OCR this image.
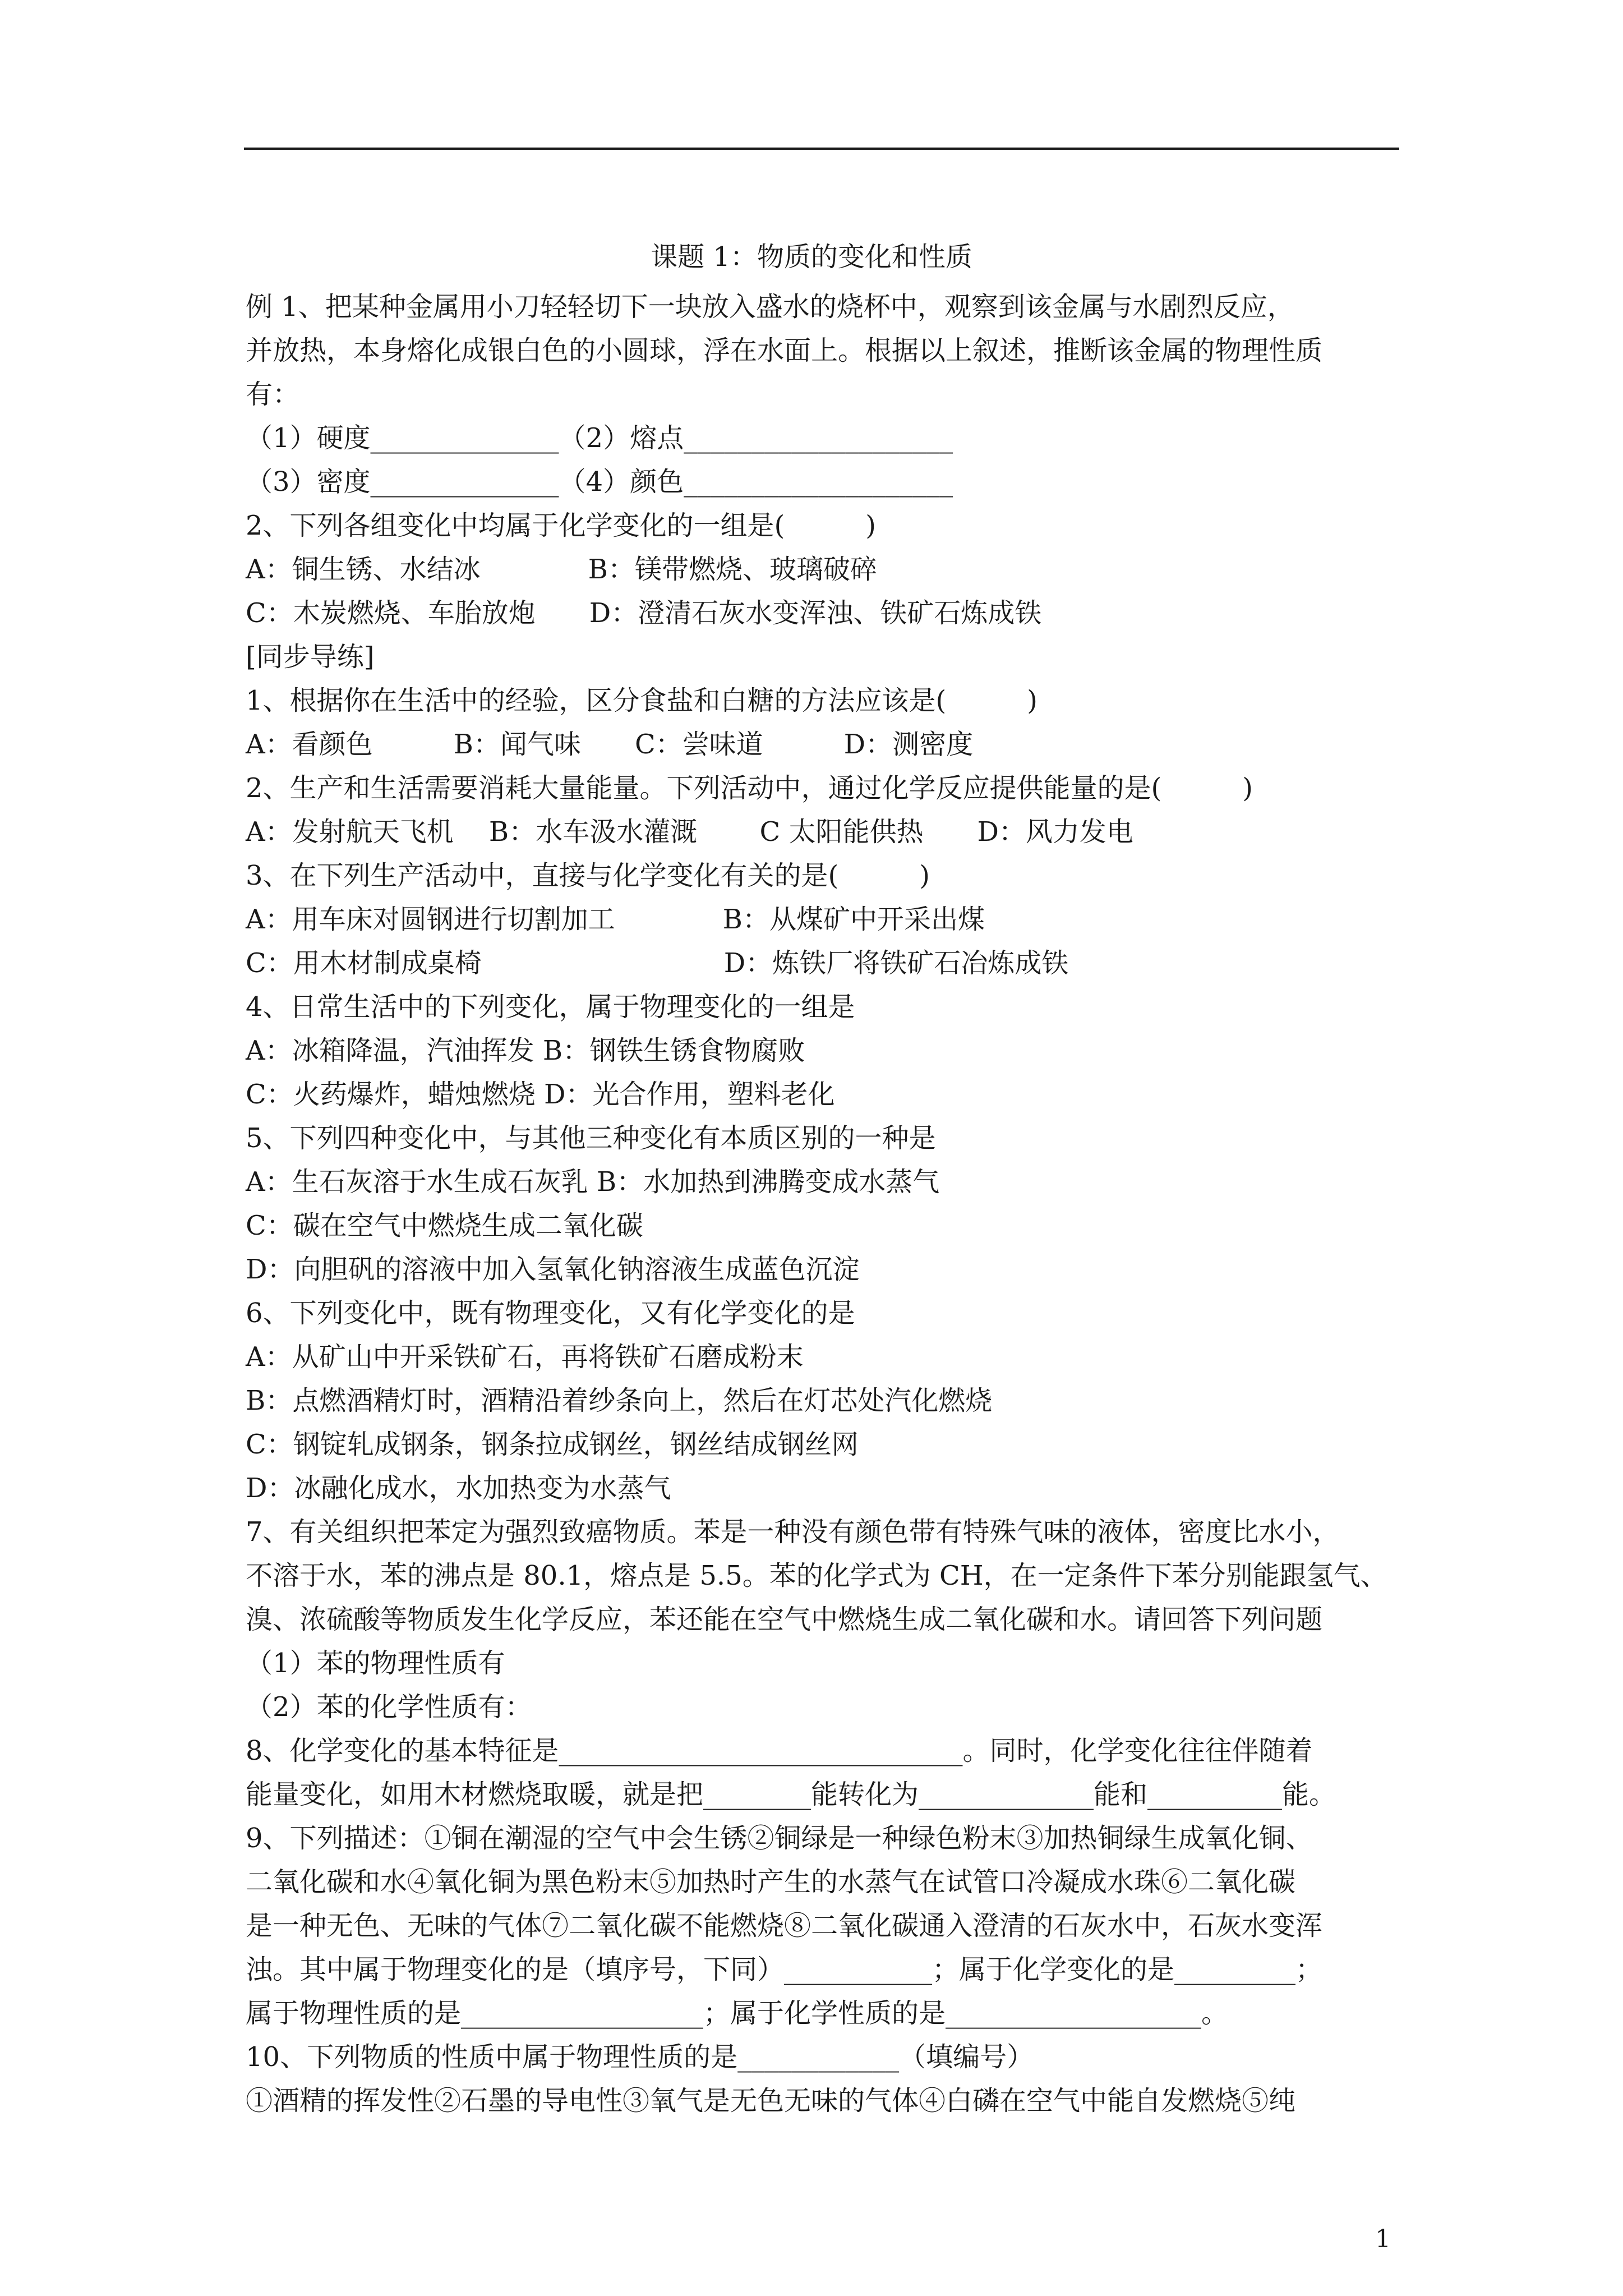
课题 1：物质的变化和性质
例 1、把某种金属用小刀轻轻切下一块放入盛水的烧杯中，观察到该金属与水剧烈反应，
并放热，本身熔化成银白色的小圆球，浮在水面上。根据以上叙述，推断该金属的物理性质
有：
（1）硬度______________（2）熔点____________________
（3）密度______________（4）颜色____________________
2、下列各组变化中均属于化学变化的一组是(　　　)
A：铜生锈、水结冰　　　　B：镁带燃烧、玻璃破碎
C：木炭燃烧、车胎放炮　　D：澄清石灰水变浑浊、铁矿石炼成铁
[同步导练]
1、根据你在生活中的经验，区分食盐和白糖的方法应该是(　　　)
A：看颜色　　　B：闻气味　　C：尝味道　　　D：测密度
2、生产和生活需要消耗大量能量。下列活动中，通过化学反应提供能量的是(　　　)
A：发射航天飞机　 B：水车汲水灌溉　　 C 太阳能供热　　D：风力发电
3、在下列生产活动中，直接与化学变化有关的是(　　　)
A：用车床对圆钢进行切割加工　　　　B：从煤矿中开采出煤
C：用木材制成桌椅　　　　　　　　　D：炼铁厂将铁矿石冶炼成铁
4、日常生活中的下列变化，属于物理变化的一组是
A：冰箱降温，汽油挥发 B：钢铁生锈食物腐败
C：火药爆炸，蜡烛燃烧 D：光合作用，塑料老化
5、下列四种变化中，与其他三种变化有本质区别的一种是
A：生石灰溶于水生成石灰乳 B：水加热到沸腾变成水蒸气
C：碳在空气中燃烧生成二氧化碳
D：向胆矾的溶液中加入氢氧化钠溶液生成蓝色沉淀
6、下列变化中，既有物理变化，又有化学变化的是
A：从矿山中开采铁矿石，再将铁矿石磨成粉末
B：点燃酒精灯时，酒精沿着纱条向上，然后在灯芯处汽化燃烧
C：钢锭轧成钢条，钢条拉成钢丝，钢丝结成钢丝网
D：冰融化成水，水加热变为水蒸气
7、有关组织把苯定为强烈致癌物质。苯是一种没有颜色带有特殊气味的液体，密度比水小，
不溶于水，苯的沸点是 80.1，熔点是 5.5。苯的化学式为 CH，在一定条件下苯分别能跟氢气、
溴、浓硫酸等物质发生化学反应，苯还能在空气中燃烧生成二氧化碳和水。请回答下列问题
（1）苯的物理性质有
（2）苯的化学性质有：
8、化学变化的基本特征是______________________________。同时，化学变化往往伴随着
能量变化，如用木材燃烧取暖，就是把________能转化为_____________能和__________能。
9、下列描述：①铜在潮湿的空气中会生锈②铜绿是一种绿色粉末③加热铜绿生成氧化铜、
二氧化碳和水④氧化铜为黑色粉末⑤加热时产生的水蒸气在试管口冷凝成水珠⑥二氧化碳
是一种无色、无味的气体⑦二氧化碳不能燃烧⑧二氧化碳通入澄清的石灰水中，石灰水变浑
浊。其中属于物理变化的是（填序号，下同）___________；属于化学变化的是_________；
属于物理性质的是__________________；属于化学性质的是___________________。
10、下列物质的性质中属于物理性质的是____________（填编号）
①酒精的挥发性②石墨的导电性③氧气是无色无味的气体④白磷在空气中能自发燃烧⑤纯
1
